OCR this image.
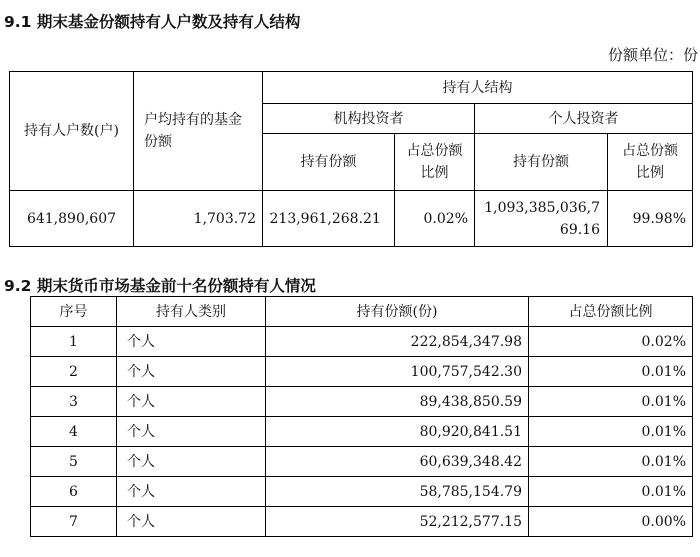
9.1 期末基金份额持有人户数及持有人结构
份额单位：份
持有人户数(户)	户均持有的基金份额	持有人结构			
		机构投资者		个人投资者	
		持有份额	占总份额比例	持有份额	占总份额比例

641,890,607	1,703.72	213,961,268.21	0.02%	1,093,385,036,769.16	99.98%
9.2 期末货币市场基金前十名份额持有人情况
序号	持有人类别	持有份额(份)	占总份额比例
1	个人	222,854,347.98	0.02%
2	个人	100,757,542.30	0.01%
3	个人	89,438,850.59	0.01%
4	个人	80,920,841.51	0.01%
5	个人	60,639,348.42	0.01%
6	个人	58,785,154.79	0.01%
7	个人	52,212,577.15	0.00%
